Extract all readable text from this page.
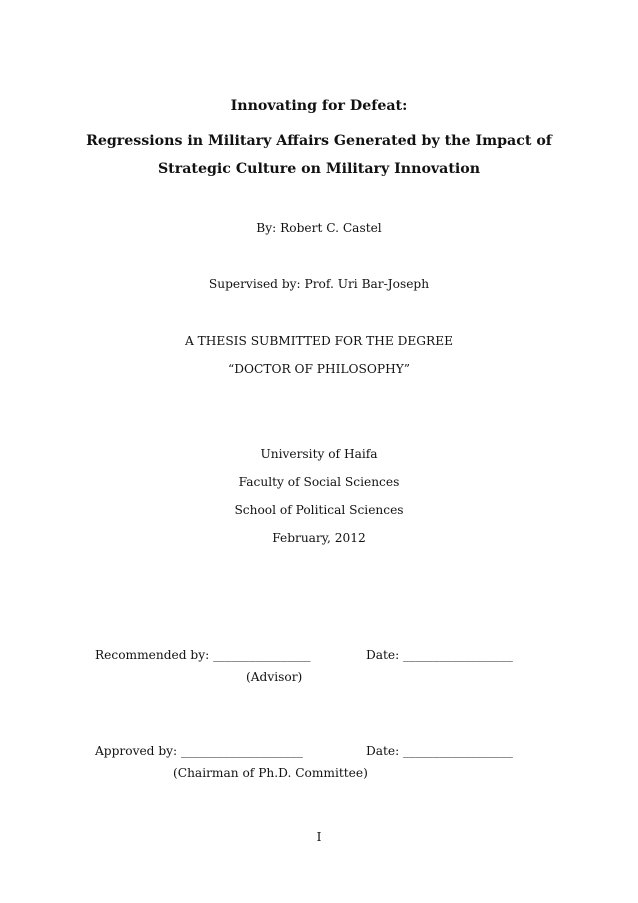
Innovating for Defeat:
Regressions in Military Affairs Generated by the Impact of
Strategic Culture on Military Innovation
By: Robert C. Castel
Supervised by: Prof. Uri Bar-Joseph
A THESIS SUBMITTED FOR THE DEGREE
“DOCTOR OF PHILOSOPHY”
University of Haifa
Faculty of Social Sciences
School of Political Sciences
February, 2012
Recommended by: ________________	Date: __________________
(Advisor)
Approved by: ____________________	Date: __________________
(Chairman of Ph.D. Committee)
I
